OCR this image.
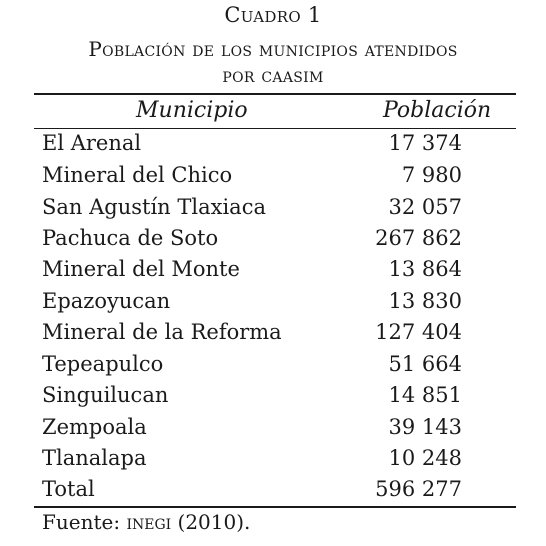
Cuadro 1
Población de los municipios atendidos
por caasim
Municipio	Población
El Arenal	17 374
Mineral del Chico	7 980
San Agustín Tlaxiaca	32 057
Pachuca de Soto	267 862
Mineral del Monte	13 864
Epazoyucan	13 830
Mineral de la Reforma	127 404
Tepeapulco	51 664
Singuilucan	14 851
Zempoala	39 143
Tlanalapa	10 248
Total	596 277
Fuente: inegi (2010).
